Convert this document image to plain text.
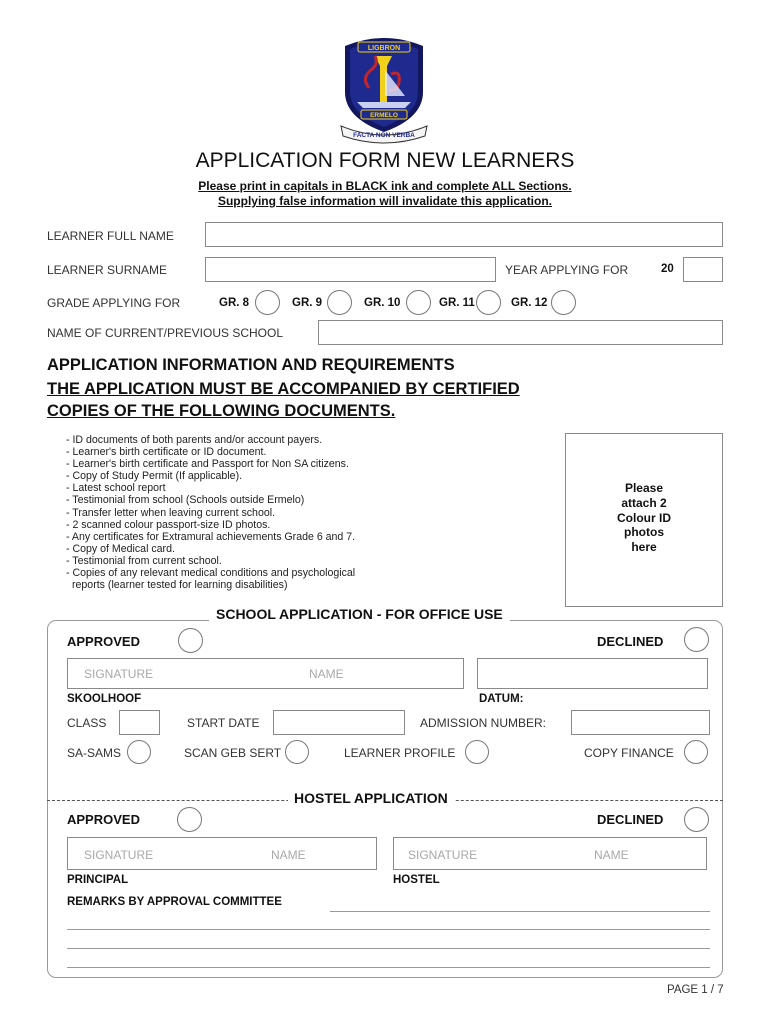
LIGBRON
ERMELO
FACTA NON VERBA
APPLICATION FORM NEW LEARNERS
Please print in capitals in BLACK ink and complete ALL Sections.
Supplying false information will invalidate this application.
LEARNER FULL NAME
LEARNER SURNAME	YEAR APPLYING FOR	20
GRADE APPLYING FOR	GR. 8	GR. 9	GR. 10	GR. 11	GR. 12
NAME OF CURRENT/PREVIOUS SCHOOL
APPLICATION INFORMATION AND REQUIREMENTS
THE APPLICATION MUST BE ACCOMPANIED BY CERTIFIED
COPIES OF THE FOLLOWING DOCUMENTS.
- ID documents of both parents and/or account payers.
- Learner's birth certificate or ID document.
- Learner's birth certificate and Passport for Non SA citizens.
- Copy of Study Permit (If applicable).
- Latest school report
- Testimonial from school (Schools outside Ermelo)
- Transfer letter when leaving current school.
- 2 scanned colour passport-size ID photos.
- Any certificates for Extramural achievements Grade 6 and 7.
- Copy of Medical card.
- Testimonial from current school.
- Copies of any relevant medical conditions and psychological
reports (learner tested for learning disabilities)
Please
attach 2
Colour ID
photos
here
SCHOOL APPLICATION - FOR OFFICE USE
APPROVED	DECLINED
SIGNATURE	NAME
SKOOLHOOF	DATUM:
CLASS	START DATE	ADMISSION NUMBER:
SA-SAMS	SCAN GEB SERT	LEARNER PROFILE	COPY FINANCE
HOSTEL APPLICATION
APPROVED	DECLINED
SIGNATURE	NAME	SIGNATURE	NAME
PRINCIPAL	HOSTEL
REMARKS BY APPROVAL COMMITTEE
PAGE 1 / 7
